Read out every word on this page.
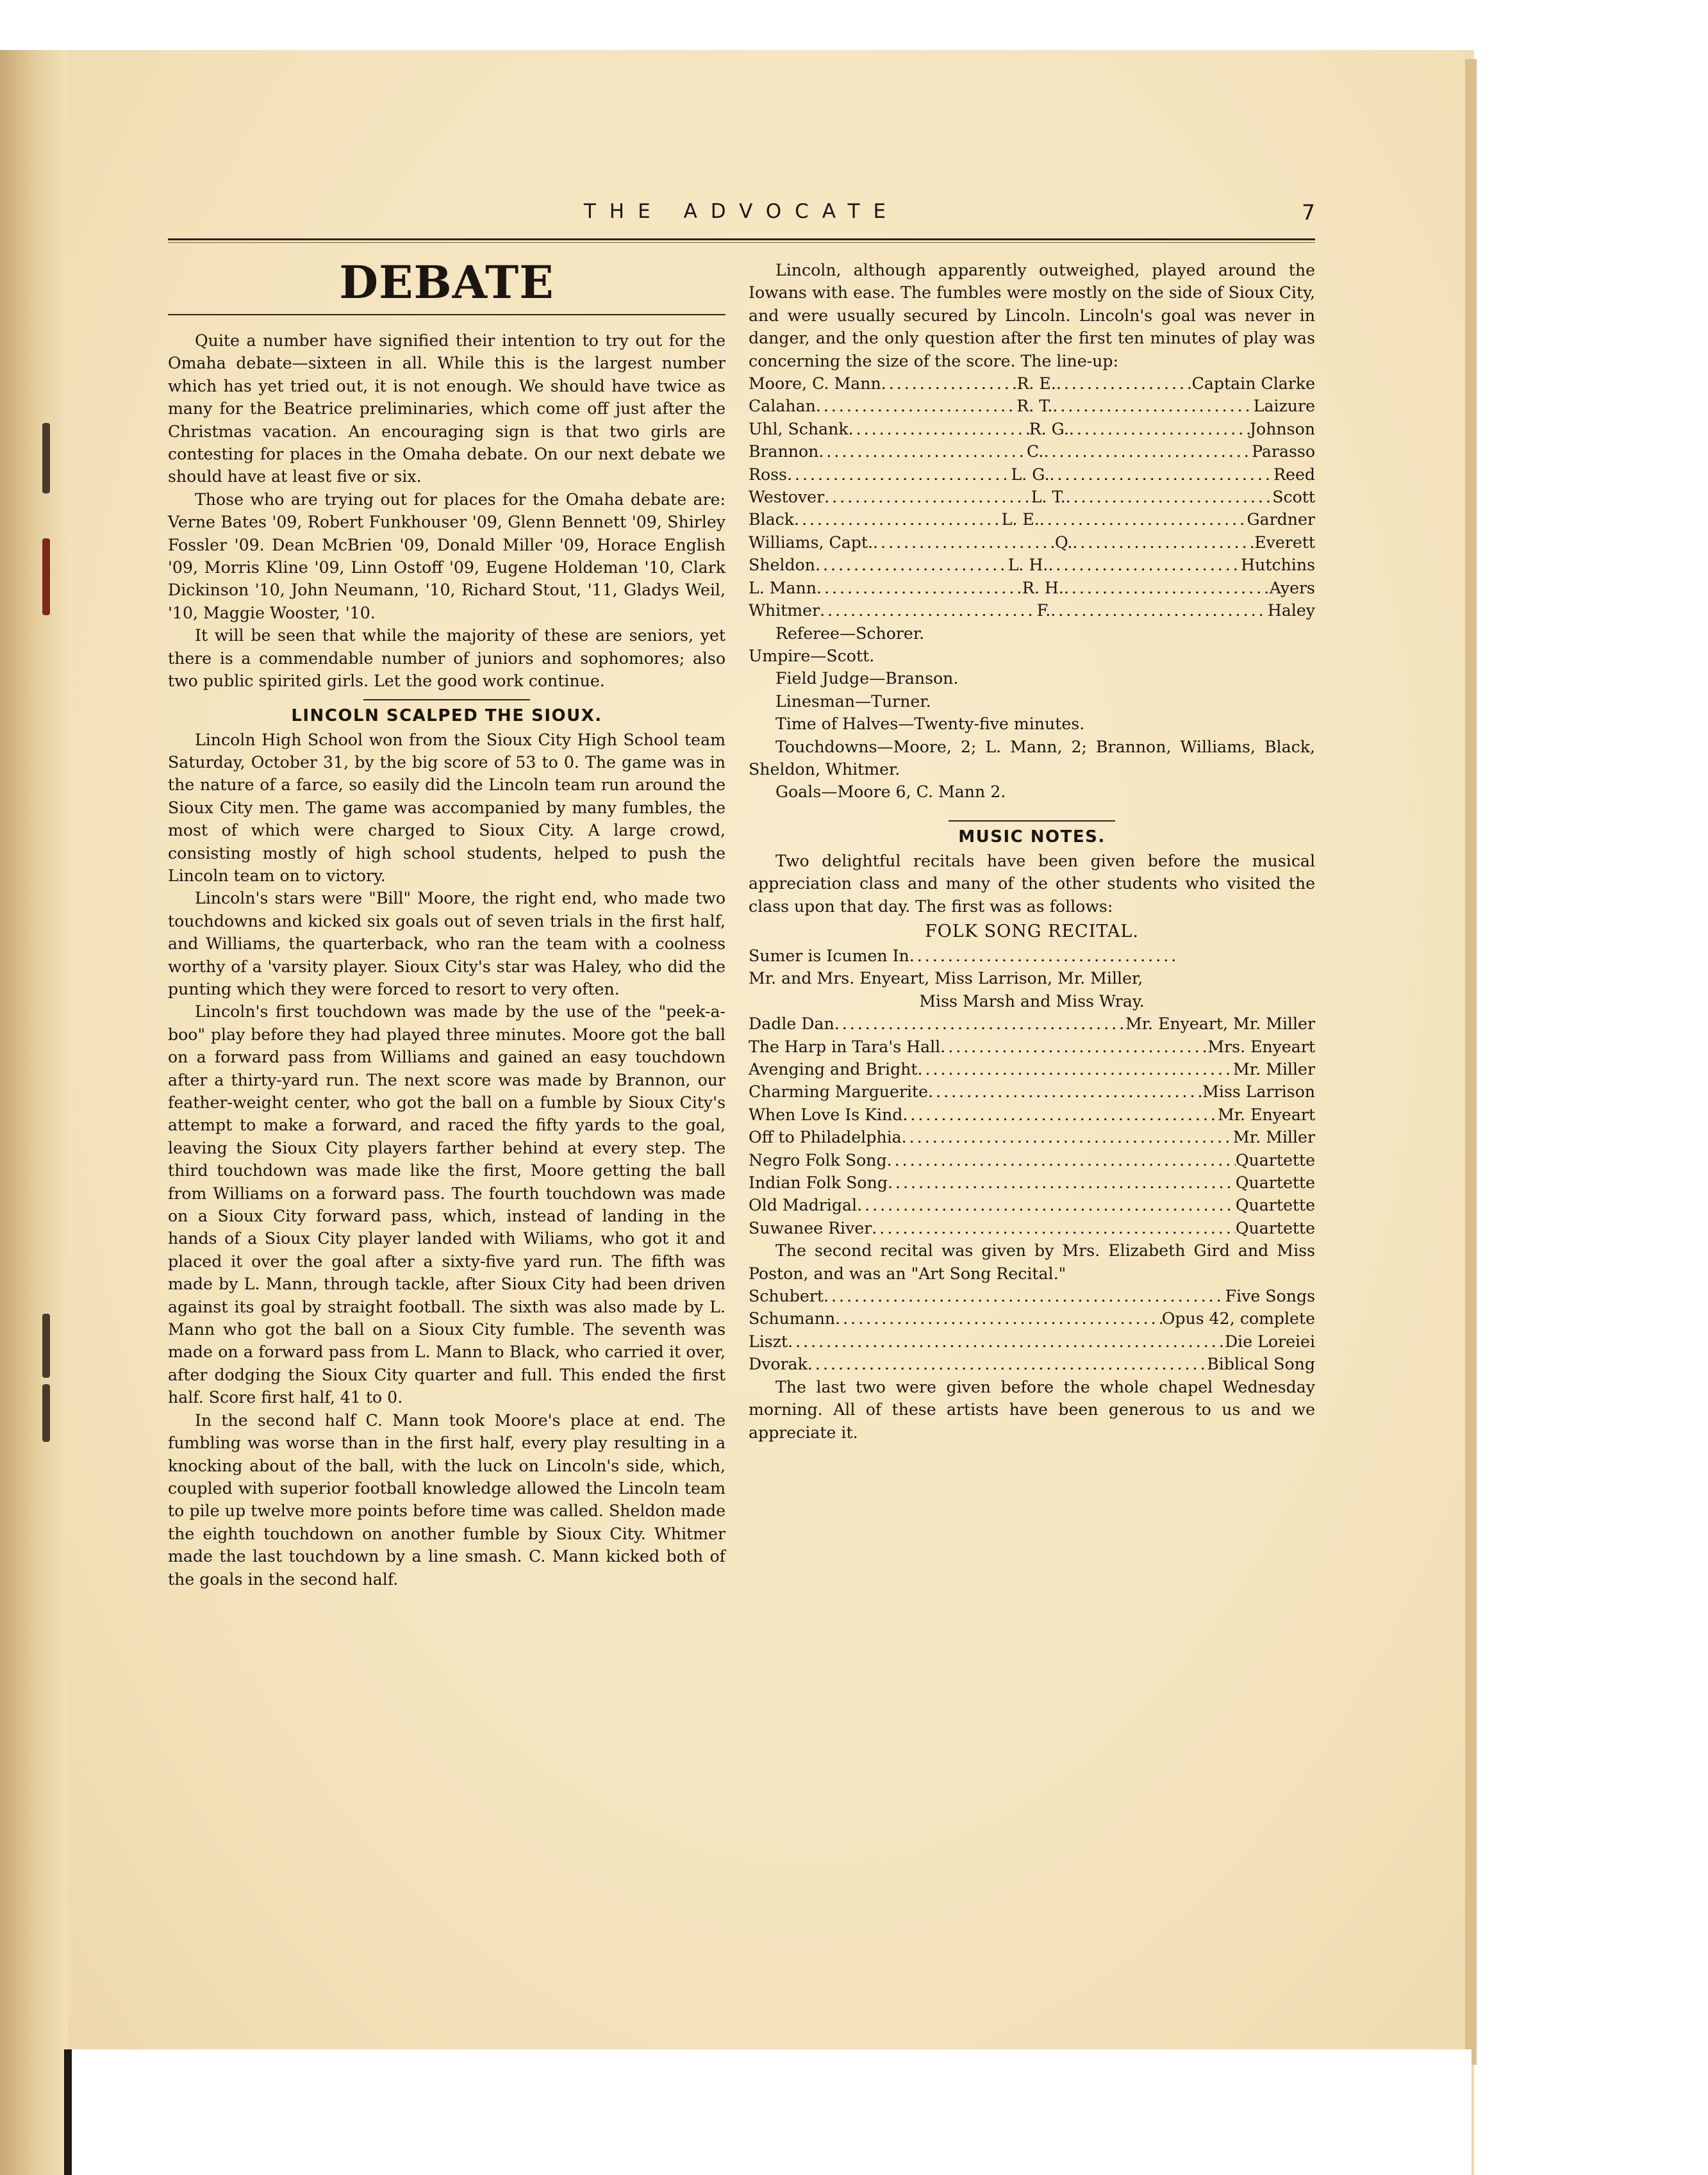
THE ADVOCATE	7
DEBATE

Quite a number have signified their intention to try out for the Omaha debate—sixteen in all. While this is the largest number which has yet tried out, it is not enough. We should have twice as many for the Beatrice preliminaries, which come off just after the Christmas vacation. An encouraging sign is that two girls are contesting for places in the Omaha debate. On our next debate we should have at least five or six.

Those who are trying out for places for the Omaha debate are: Verne Bates '09, Robert Funkhouser '09, Glenn Bennett '09, Shirley Fossler '09. Dean McBrien '09, Donald Miller '09, Horace English '09, Morris Kline '09, Linn Ostoff '09, Eugene Holdeman '10, Clark Dickinson '10, John Neumann, '10, Richard Stout, '11, Gladys Weil, '10, Maggie Wooster, '10.

It will be seen that while the majority of these are seniors, yet there is a commendable number of juniors and sophomores; also two public spirited girls. Let the good work continue.

LINCOLN SCALPED THE SIOUX.

Lincoln High School won from the Sioux City High School team Saturday, October 31, by the big score of 53 to 0. The game was in the nature of a farce, so easily did the Lincoln team run around the Sioux City men. The game was accompanied by many fumbles, the most of which were charged to Sioux City. A large crowd, consisting mostly of high school students, helped to push the Lincoln team on to victory.

Lincoln's stars were "Bill" Moore, the right end, who made two touchdowns and kicked six goals out of seven trials in the first half, and Williams, the quarterback, who ran the team with a coolness worthy of a 'varsity player. Sioux City's star was Haley, who did the punting which they were forced to resort to very often.

Lincoln's first touchdown was made by the use of the "peek-a-boo" play before they had played three minutes. Moore got the ball on a forward pass from Williams and gained an easy touchdown after a thirty-yard run. The next score was made by Brannon, our feather-weight center, who got the ball on a fumble by Sioux City's attempt to make a forward, and raced the fifty yards to the goal, leaving the Sioux City players farther behind at every step. The third touchdown was made like the first, Moore getting the ball from Williams on a forward pass. The fourth touchdown was made on a Sioux City forward pass, which, instead of landing in the hands of a Sioux City player landed with Wiliams, who got it and placed it over the goal after a sixty-five yard run. The fifth was made by L. Mann, through tackle, after Sioux City had been driven against its goal by straight football. The sixth was also made by L. Mann who got the ball on a Sioux City fumble. The seventh was made on a forward pass from L. Mann to Black, who carried it over, after dodging the Sioux City quarter and full. This ended the first half. Score first half, 41 to 0.

In the second half C. Mann took Moore's place at end. The fumbling was worse than in the first half, every play resulting in a knocking about of the ball, with the luck on Lincoln's side, which, coupled with superior football knowledge allowed the Lincoln team to pile up twelve more points before time was called. Sheldon made the eighth touchdown on another fumble by Sioux City. Whitmer made the last touchdown by a line smash. C. Mann kicked both of the goals in the second half.

Lincoln, although apparently outweighed, played around the Iowans with ease. The fumbles were mostly on the side of Sioux City, and were usually secured by Lincoln. Lincoln's goal was never in danger, and the only question after the first ten minutes of play was concerning the size of the score. The line-up:

Moore, C. Mann . . .	R. E. . . .	Captain Clarke
Calahan . . .	R. T. . . .	Laizure
Uhl, Schank . . .	R. G. . . .	Johnson
Brannon . . .	C. . . .	Parasso
Ross . . .	L. G. . . .	Reed
Westover . . .	L. T. . . .	Scott
Black . . .	L. E. . . .	Gardner
Williams, Capt. . . .	Q. . . .	Everett
Sheldon . . .	L. H. . . .	Hutchins
L. Mann . . .	R. H. . . .	Ayers
Whitmer . . .	F. . . .	Haley

Referee—Schorer.

Umpire—Scott.

Field Judge—Branson.

Linesman—Turner.

Time of Halves—Twenty-five minutes.

Touchdowns—Moore, 2; L. Mann, 2; Brannon, Williams, Black, Sheldon, Whitmer.

Goals—Moore 6, C. Mann 2.

MUSIC NOTES.

Two delightful recitals have been given before the musical appreciation class and many of the other students who visited the class upon that day. The first was as follows:

FOLK SONG RECITAL.
Sumer is Icumen In
. . .
Mr. and Mrs. Enyeart, Miss Larrison, Mr. Miller,

Miss Marsh and Miss Wray.

Dadle Dan . . .	Mr. Enyeart, Mr. Miller
The Harp in Tara's Hall . . .	Mrs. Enyeart
Avenging and Bright . . .	Mr. Miller
Charming Marguerite . . .	Miss Larrison
When Love Is Kind . . .	Mr. Enyeart
Off to Philadelphia . . .	Mr. Miller
Negro Folk Song . . .	Quartette
Indian Folk Song . . .	Quartette
Old Madrigal . . .	Quartette
Suwanee River . . .	Quartette

The second recital was given by Mrs. Elizabeth Gird and Miss Poston, and was an "Art Song Recital."

Schubert . . .	Five Songs
Schumann . . .	Opus 42, complete
Liszt . . .	Die Loreiei
Dvorak . . .	Biblical Song

The last two were given before the whole chapel Wednesday morning. All of these artists have been generous to us and we appreciate it.
